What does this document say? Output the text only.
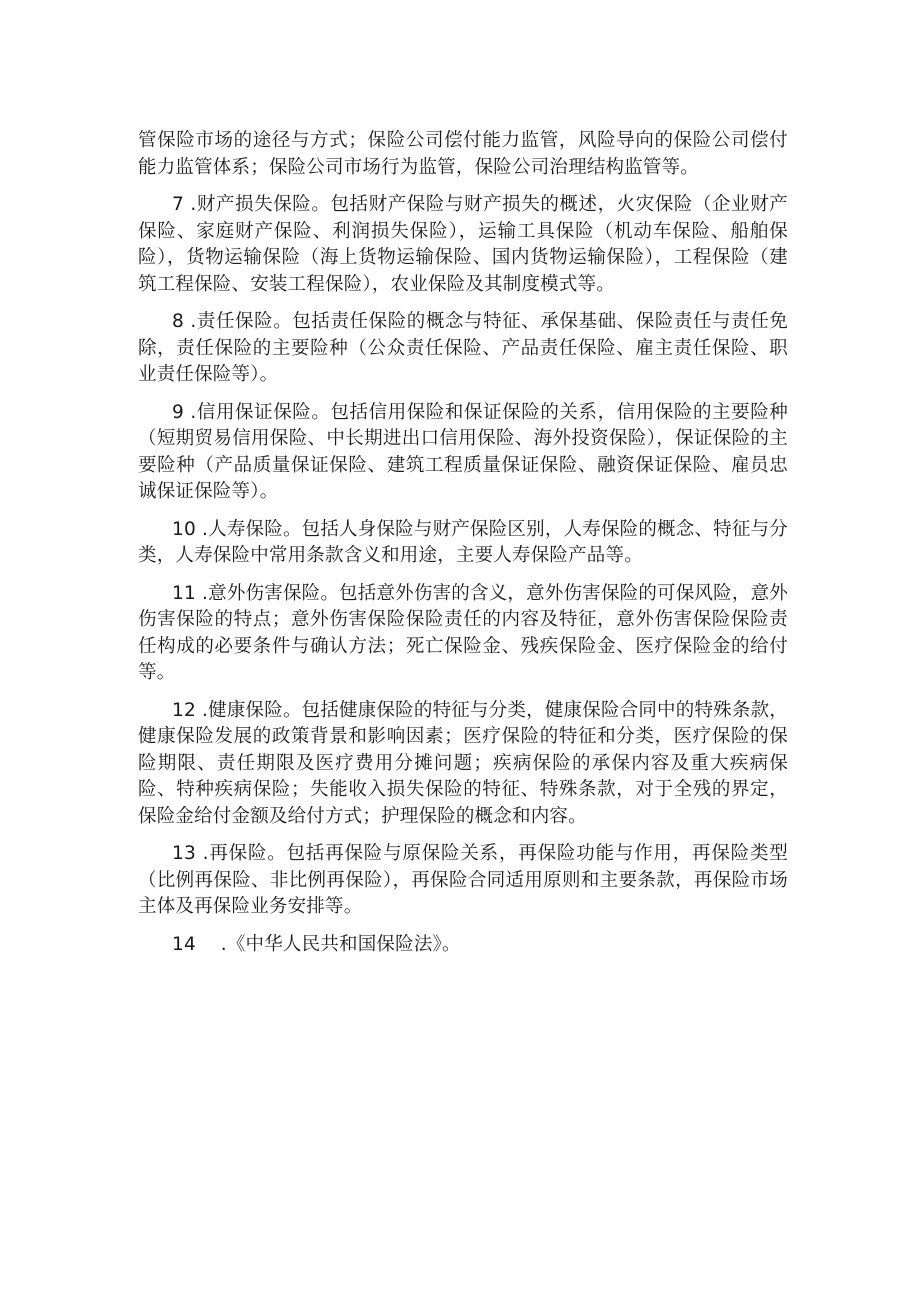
管保险市场的途径与方式；保险公司偿付能力监管，风险导向的保险公司偿付能力监管体系；保险公司市场行为监管，保险公司治理结构监管等。

7 .财产损失保险。包括财产保险与财产损失的概述，火灾保险（企业财产保险、家庭财产保险、利润损失保险），运输工具保险（机动车保险、船舶保险），货物运输保险（海上货物运输保险、国内货物运输保险），工程保险（建筑工程保险、安装工程保险），农业保险及其制度模式等。

8 .责任保险。包括责任保险的概念与特征、承保基础、保险责任与责任免除，责任保险的主要险种（公众责任保险、产品责任保险、雇主责任保险、职业责任保险等）。

9 .信用保证保险。包括信用保险和保证保险的关系，信用保险的主要险种（短期贸易信用保险、中长期进出口信用保险、海外投资保险），保证保险的主要险种（产品质量保证保险、建筑工程质量保证保险、融资保证保险、雇员忠诚保证保险等）。

10 .人寿保险。包括人身保险与财产保险区别，人寿保险的概念、特征与分类，人寿保险中常用条款含义和用途，主要人寿保险产品等。

11 .意外伤害保险。包括意外伤害的含义，意外伤害保险的可保风险，意外伤害保险的特点；意外伤害保险保险责任的内容及特征，意外伤害保险保险责任构成的必要条件与确认方法；死亡保险金、残疾保险金、医疗保险金的给付等。

12 .健康保险。包括健康保险的特征与分类，健康保险合同中的特殊条款，健康保险发展的政策背景和影响因素；医疗保险的特征和分类，医疗保险的保险期限、责任期限及医疗费用分摊问题；疾病保险的承保内容及重大疾病保险、特种疾病保险；失能收入损失保险的特征、特殊条款，对于全残的界定，保险金给付金额及给付方式；护理保险的概念和内容。

13 .再保险。包括再保险与原保险关系，再保险功能与作用，再保险类型（比例再保险、非比例再保险），再保险合同适用原则和主要条款，再保险市场主体及再保险业务安排等。

14 　.《中华人民共和国保险法》。
